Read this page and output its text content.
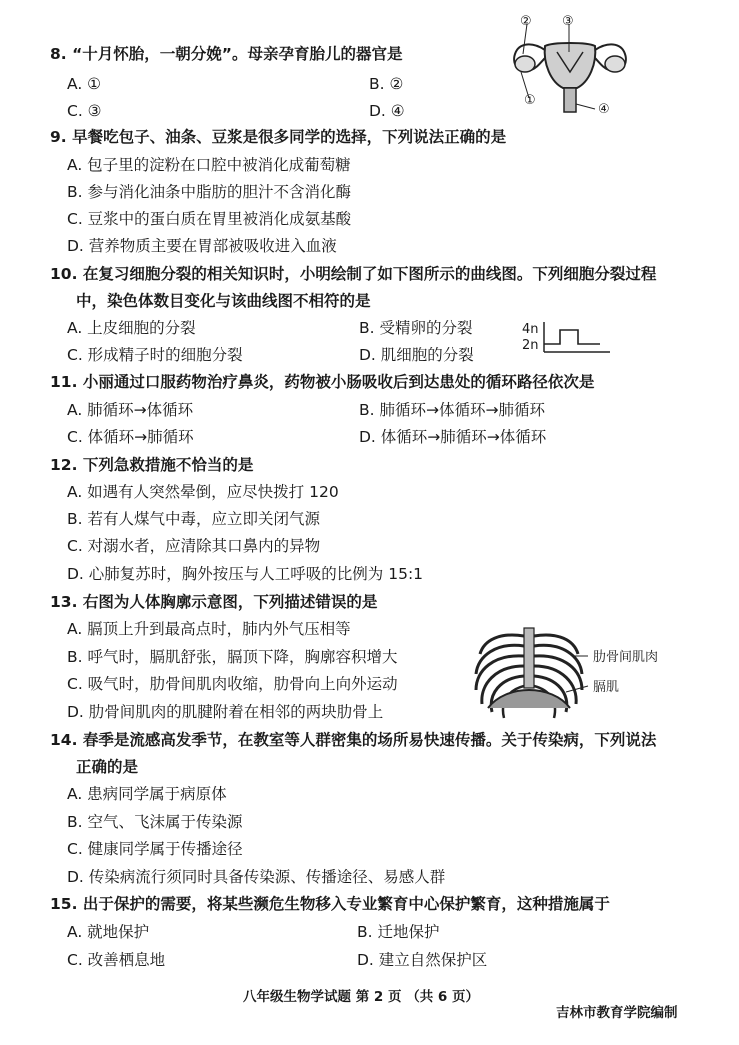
8. “十月怀胎，一朝分娩”。母亲孕育胎儿的器官是
A. ①	B. ②
C. ③	D. ④
② ③
①
④
9. 早餐吃包子、油条、豆浆是很多同学的选择，下列说法正确的是
A. 包子里的淀粉在口腔中被消化成葡萄糖
B. 参与消化油条中脂肪的胆汁不含消化酶
C. 豆浆中的蛋白质在胃里被消化成氨基酸
D. 营养物质主要在胃部被吸收进入血液
10. 在复习细胞分裂的相关知识时，小明绘制了如下图所示的曲线图。下列细胞分裂过程
中，染色体数目变化与该曲线图不相符的是
A. 上皮细胞的分裂	B. 受精卵的分裂
C. 形成精子时的细胞分裂	D. 肌细胞的分裂
4n
2n
11. 小丽通过口服药物治疗鼻炎，药物被小肠吸收后到达患处的循环路径依次是
A. 肺循环→体循环	B. 肺循环→体循环→肺循环
C. 体循环→肺循环	D. 体循环→肺循环→体循环
12. 下列急救措施不恰当的是
A. 如遇有人突然晕倒，应尽快拨打 120
B. 若有人煤气中毒，应立即关闭气源
C. 对溺水者，应清除其口鼻内的异物
D. 心肺复苏时，胸外按压与人工呼吸的比例为 15:1
13. 右图为人体胸廓示意图，下列描述错误的是
A. 膈顶上升到最高点时，肺内外气压相等
B. 呼气时，膈肌舒张，膈顶下降，胸廓容积增大
C. 吸气时，肋骨间肌肉收缩，肋骨向上向外运动
D. 肋骨间肌肉的肌腱附着在相邻的两块肋骨上
肋骨间肌肉
膈肌
14. 春季是流感高发季节，在教室等人群密集的场所易快速传播。关于传染病，下列说法
正确的是
A. 患病同学属于病原体
B. 空气、飞沫属于传染源
C. 健康同学属于传播途径
D. 传染病流行须同时具备传染源、传播途径、易感人群
15. 出于保护的需要，将某些濒危生物移入专业繁育中心保护繁育，这种措施属于
A. 就地保护	B. 迁地保护
C. 改善栖息地	D. 建立自然保护区
八年级生物学试题 第 2 页 （共 6 页）
吉林市教育学院编制
